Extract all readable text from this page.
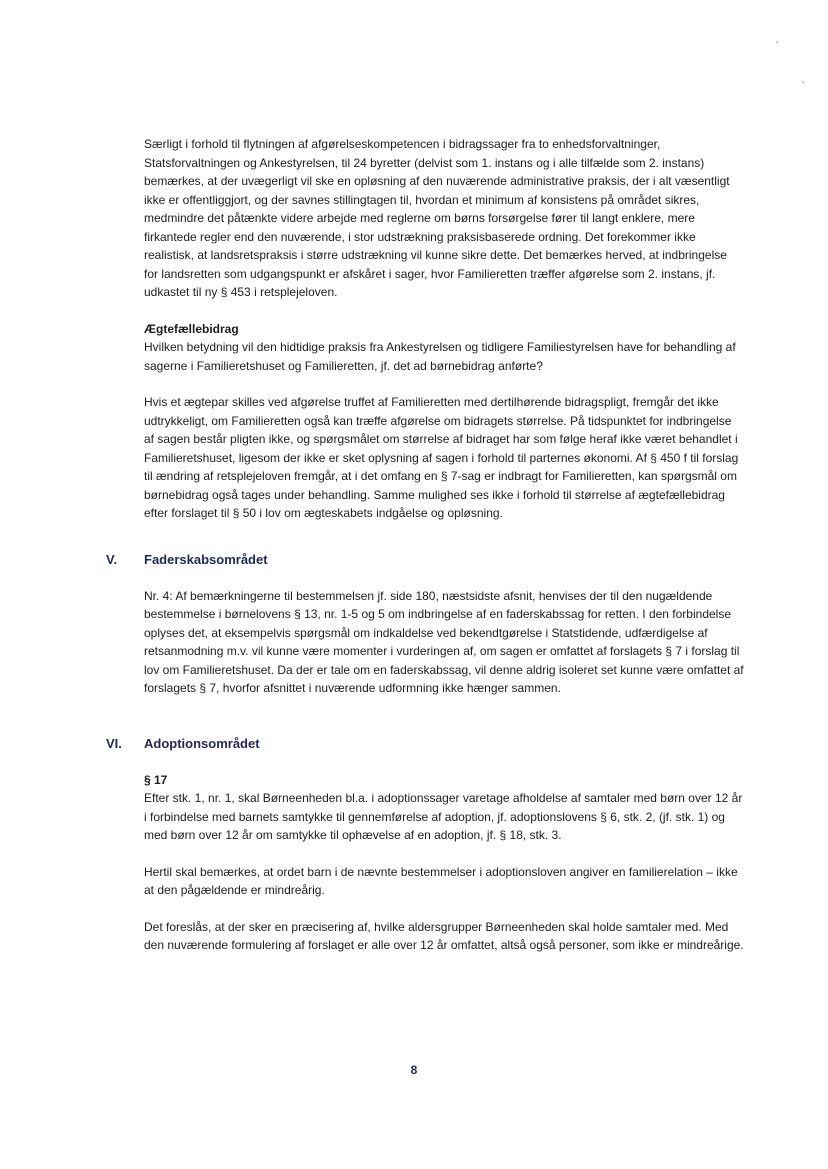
•
•

Særligt i forhold til flytningen af afgørelseskompetencen i bidragssager fra to enhedsforvaltninger, Statsforvaltningen og Ankestyrelsen, til 24 byretter (delvist som 1. instans og i alle tilfælde som 2. instans) bemærkes, at der uvægerligt vil ske en opløsning af den nuværende administrative praksis, der i alt væsentligt ikke er offentliggjort, og der savnes stillingtagen til, hvordan et minimum af konsistens på området sikres, medmindre det påtænkte videre arbejde med reglerne om børns forsørgelse fører til langt enklere, mere firkantede regler end den nuværende, i stor udstrækning praksisbaserede ordning. Det forekommer ikke realistisk, at landsretspraksis i større udstrækning vil kunne sikre dette. Det bemærkes herved, at indbringelse for landsretten som udgangspunkt er afskåret i sager, hvor Familieretten træffer afgørelse som 2. instans, jf. udkastet til ny § 453 i retsplejeloven.

Ægtefællebidrag

Hvilken betydning vil den hidtidige praksis fra Ankestyrelsen og tidligere Familiestyrelsen have for behandling af sagerne i Familieretshuset og Familieretten, jf. det ad børnebidrag anførte?

Hvis et ægtepar skilles ved afgørelse truffet af Familieretten med dertilhørende bidragspligt, fremgår det ikke udtrykkeligt, om Familieretten også kan træffe afgørelse om bidragets størrelse. På tidspunktet for indbringelse af sagen består pligten ikke, og spørgsmålet om størrelse af bidraget har som følge heraf ikke været behandlet i Familieretshuset, ligesom der ikke er sket oplysning af sagen i forhold til parternes økonomi. Af § 450 f til forslag til ændring af retsplejeloven fremgår, at i det omfang en § 7-sag er indbragt for Familieretten, kan spørgsmål om børnebidrag også tages under behandling. Samme mulighed ses ikke i forhold til størrelse af ægtefællebidrag efter forslaget til § 50 i lov om ægteskabets indgåelse og opløsning.

V. Faderskabsområdet

Nr. 4: Af bemærkningerne til bestemmelsen jf. side 180, næstsidste afsnit, henvises der til den nugældende bestemmelse i børnelovens § 13, nr. 1-5 og 5 om indbringelse af en faderskabssag for retten. I den forbindelse oplyses det, at eksempelvis spørgsmål om indkaldelse ved bekendtgørelse i Statstidende, udfærdigelse af retsanmodning m.v. vil kunne være momenter i vurderingen af, om sagen er omfattet af forslagets § 7 i forslag til lov om Familieretshuset. Da der er tale om en faderskabssag, vil denne aldrig isoleret set kunne være omfattet af forslagets § 7, hvorfor afsnittet i nuværende udformning ikke hænger sammen.

VI. Adoptionsområdet

§ 17

Efter stk. 1, nr. 1, skal Børneenheden bl.a. i adoptionssager varetage afholdelse af samtaler med børn over 12 år i forbindelse med barnets samtykke til gennemførelse af adoption, jf. adoptionslovens § 6, stk. 2, (jf. stk. 1) og med børn over 12 år om samtykke til ophævelse af en adoption, jf. § 18, stk. 3.

Hertil skal bemærkes, at ordet barn i de nævnte bestemmelser i adoptionsloven angiver en familierelation – ikke at den pågældende er mindreårig.

Det foreslås, at der sker en præcisering af, hvilke aldersgrupper Børneenheden skal holde samtaler med. Med den nuværende formulering af forslaget er alle over 12 år omfattet, altså også personer, som ikke er mindreårige.

8
